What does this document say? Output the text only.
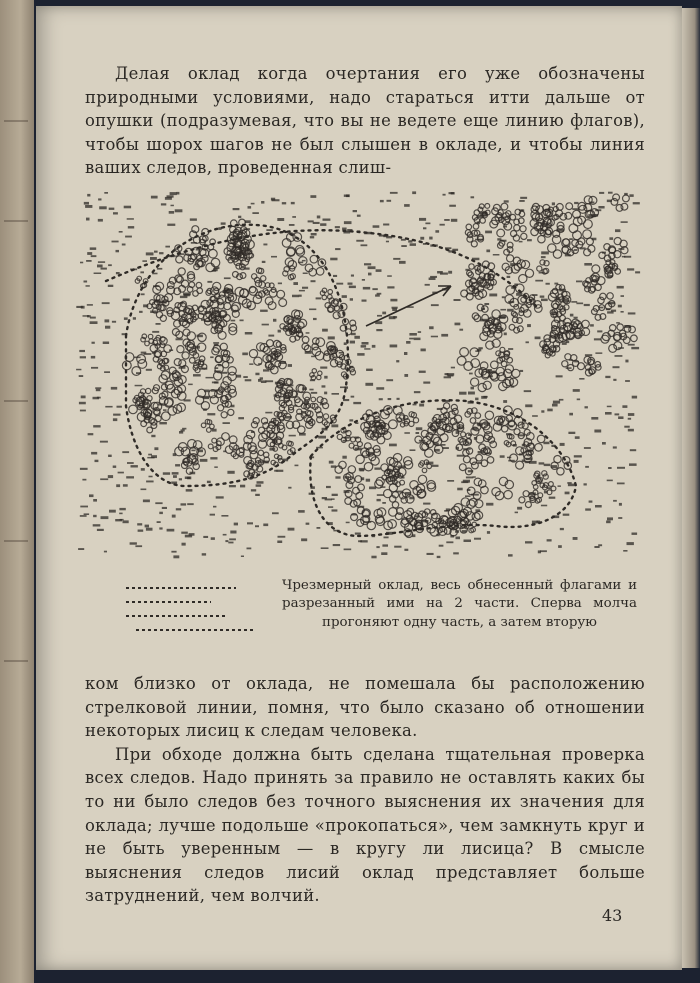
Делая оклад когда очертания его уже обозначены природными условиями, надо стараться итти дальше от опушки (подразумевая, что вы не ведете еще линию флагов), чтобы шорох шагов не был слышен в окладе, и чтобы линия ваших следов, проведенная слиш-

Чрезмерный оклад, весь обнесенный флагами и разрезанный ими на 2 части. Сперва молча прогоняют одну часть, а затем вторую

ком близко от оклада, не помешала бы расположению стрелковой линии, помня, что было сказано об отношении некоторых лисиц к следам человека.

При обходе должна быть сделана тщательная проверка всех следов. Надо принять за правило не оставлять каких бы то ни было следов без точного выяснения их значения для оклада; лучше подольше «прокопаться», чем замкнуть круг и не быть уверенным — в кругу ли лисица? В смысле выяснения следов лисий оклад представляет больше затруднений, чем волчий.

43
